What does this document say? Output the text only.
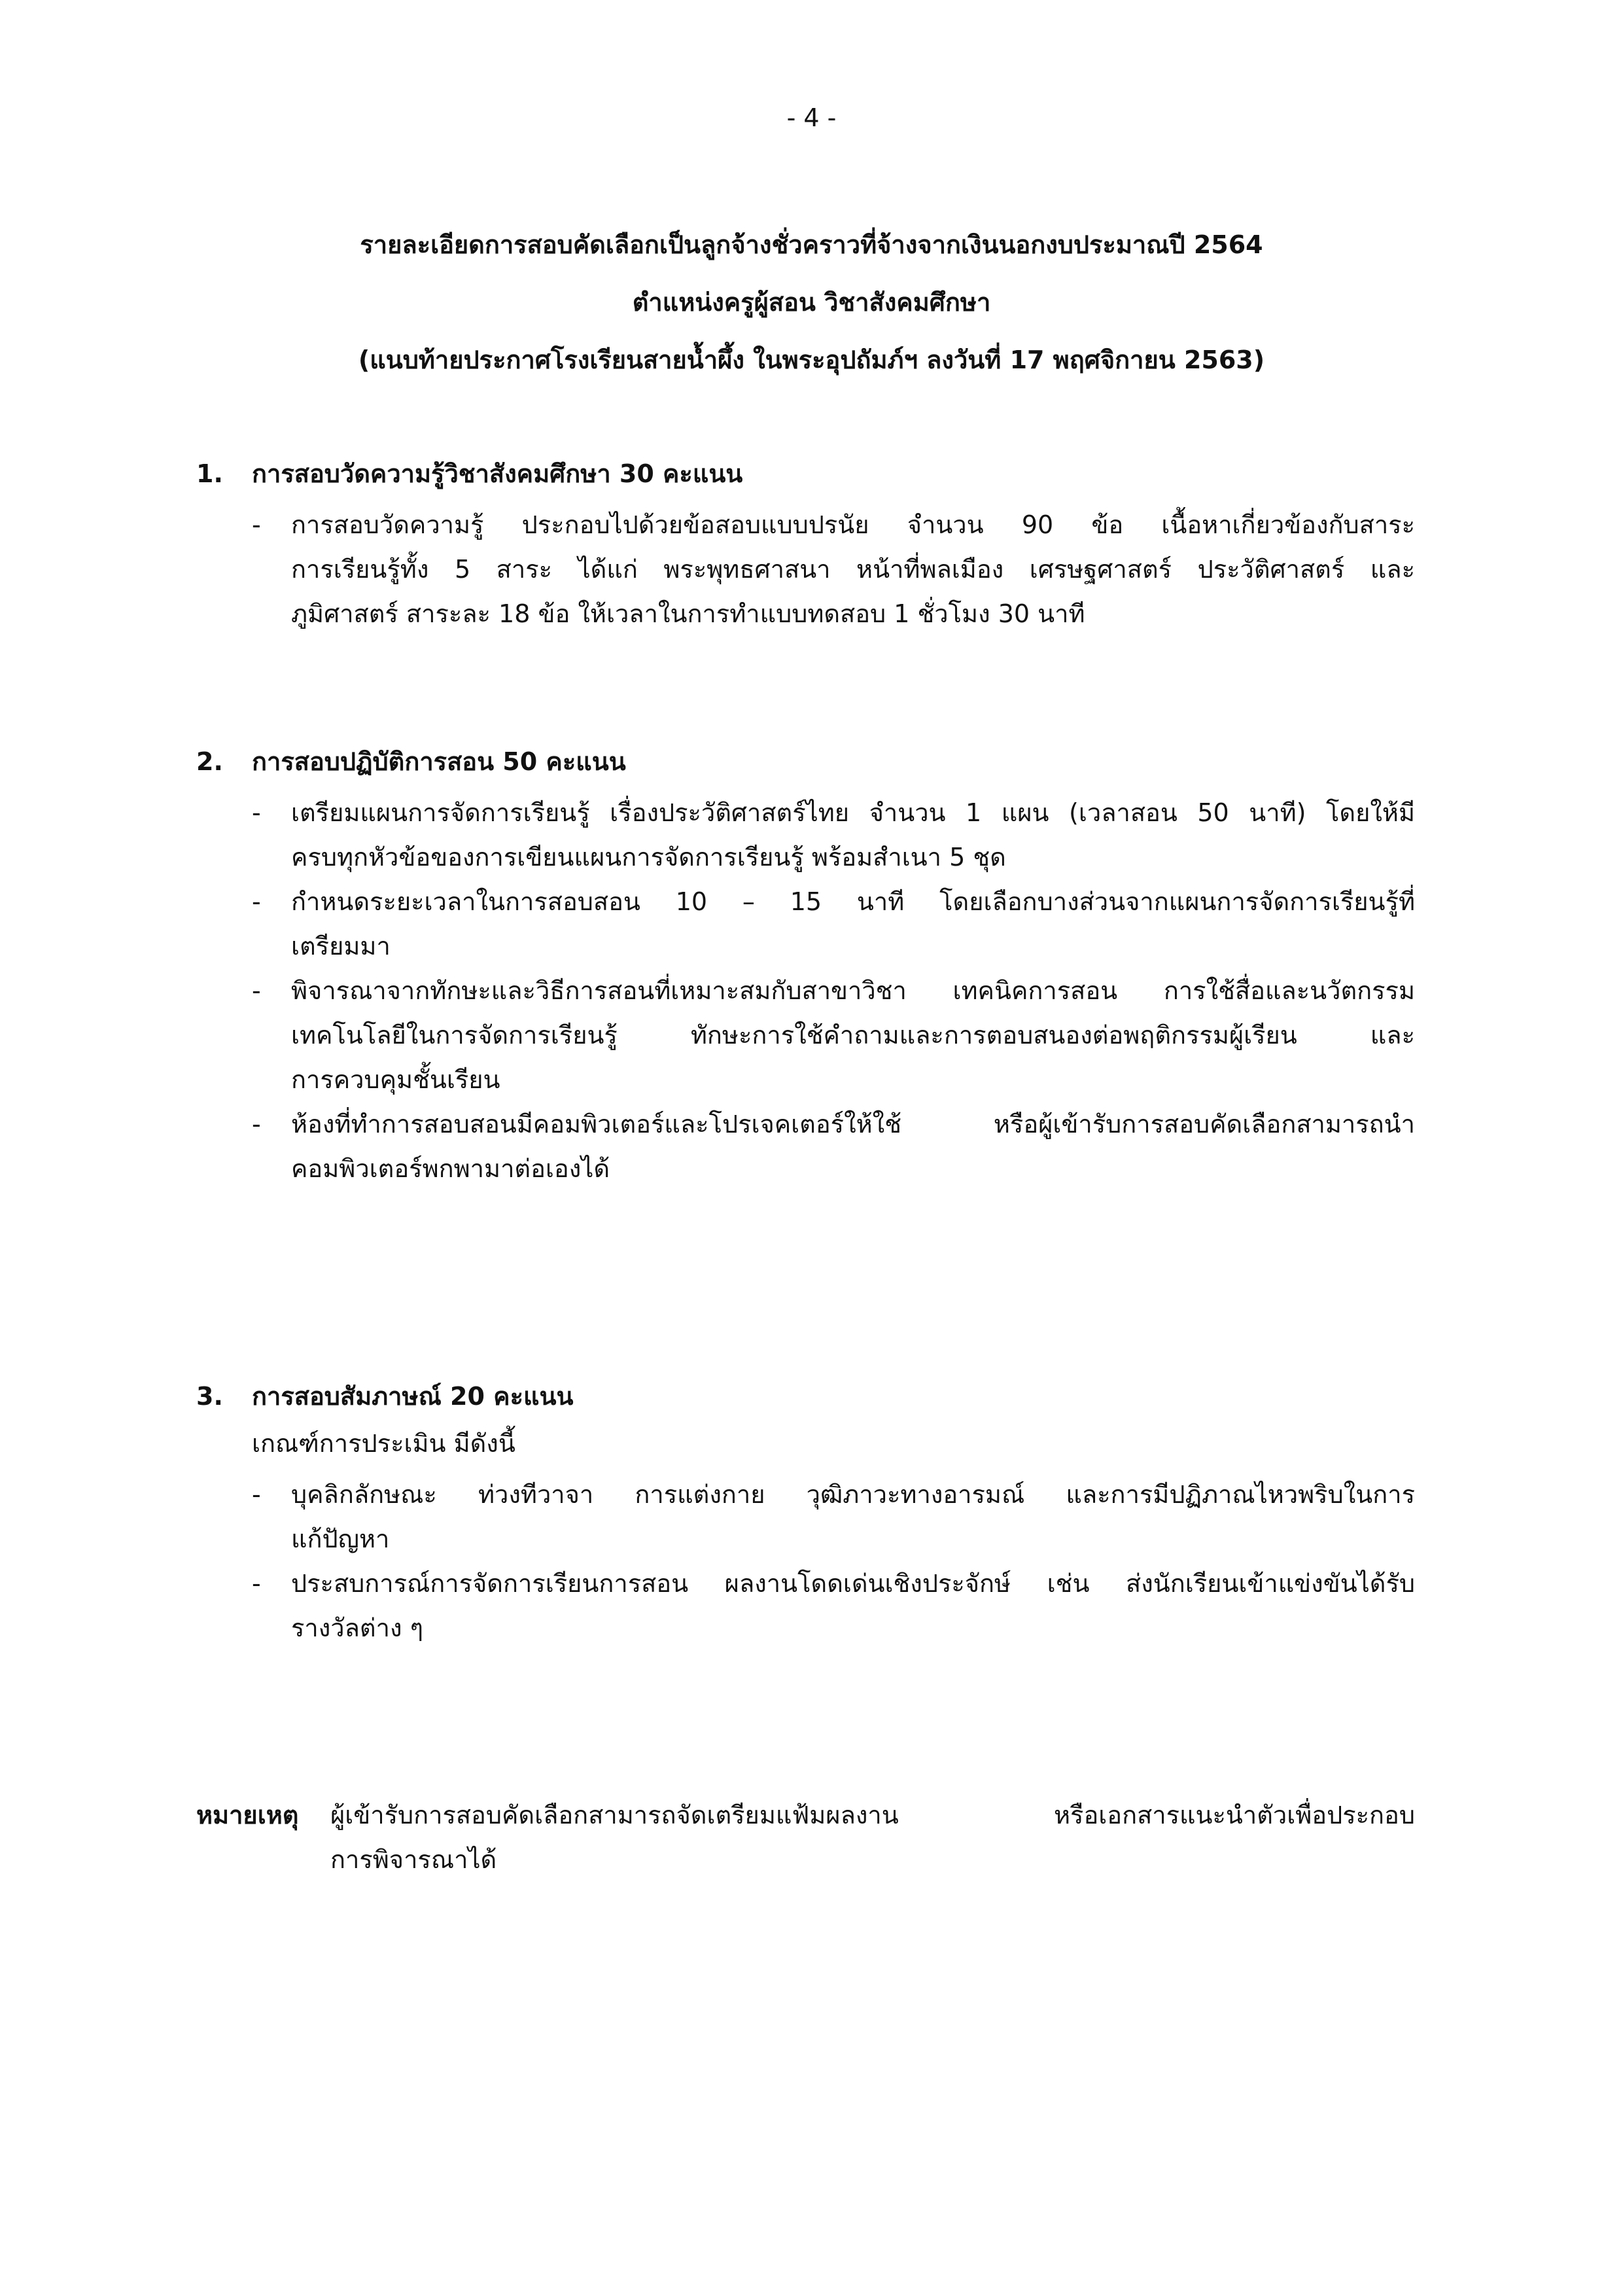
- 4 -
รายละเอียดการสอบคัดเลือกเป็นลูกจ้างชั่วคราวที่จ้างจากเงินนอกงบประมาณปี 2564
ตำแหน่งครูผู้สอน วิชาสังคมศึกษา
(แนบท้ายประกาศโรงเรียนสายน้ำผึ้ง ในพระอุปถัมภ์ฯ ลงวันที่ 17 พฤศจิกายน 2563)
1. การสอบวัดความรู้วิชาสังคมศึกษา 30 คะแนน
- การสอบวัดความรู้ ประกอบไปด้วยข้อสอบแบบปรนัย จำนวน 90 ข้อ เนื้อหาเกี่ยวข้องกับสาระ
การเรียนรู้ทั้ง 5 สาระ ได้แก่ พระพุทธศาสนา หน้าที่พลเมือง เศรษฐศาสตร์ ประวัติศาสตร์ และ
ภูมิศาสตร์ สาระละ 18 ข้อ ให้เวลาในการทำแบบทดสอบ 1 ชั่วโมง 30 นาที
2. การสอบปฏิบัติการสอน 50 คะแนน
- เตรียมแผนการจัดการเรียนรู้ เรื่องประวัติศาสตร์ไทย จำนวน 1 แผน (เวลาสอน 50 นาที) โดยให้มี
ครบทุกหัวข้อของการเขียนแผนการจัดการเรียนรู้ พร้อมสำเนา 5 ชุด
- กำหนดระยะเวลาในการสอบสอน 10 – 15 นาที โดยเลือกบางส่วนจากแผนการจัดการเรียนรู้ที่
เตรียมมา
- พิจารณาจากทักษะและวิธีการสอนที่เหมาะสมกับสาขาวิชา เทคนิคการสอน การใช้สื่อและนวัตกรรม
เทคโนโลยีในการจัดการเรียนรู้ ทักษะการใช้คำถามและการตอบสนองต่อพฤติกรรมผู้เรียน และ
การควบคุมชั้นเรียน
- ห้องที่ทำการสอบสอนมีคอมพิวเตอร์และโปรเจคเตอร์ให้ใช้ หรือผู้เข้ารับการสอบคัดเลือกสามารถนำ
คอมพิวเตอร์พกพามาต่อเองได้
3. การสอบสัมภาษณ์ 20 คะแนน
เกณฑ์การประเมิน มีดังนี้
- บุคลิกลักษณะ ท่วงทีวาจา การแต่งกาย วุฒิภาวะทางอารมณ์ และการมีปฏิภาณไหวพริบในการ
แก้ปัญหา
- ประสบการณ์การจัดการเรียนการสอน ผลงานโดดเด่นเชิงประจักษ์ เช่น ส่งนักเรียนเข้าแข่งขันได้รับ
รางวัลต่าง ๆ
หมายเหตุ ผู้เข้ารับการสอบคัดเลือกสามารถจัดเตรียมแฟ้มผลงาน หรือเอกสารแนะนำตัวเพื่อประกอบ
การพิจารณาได้
